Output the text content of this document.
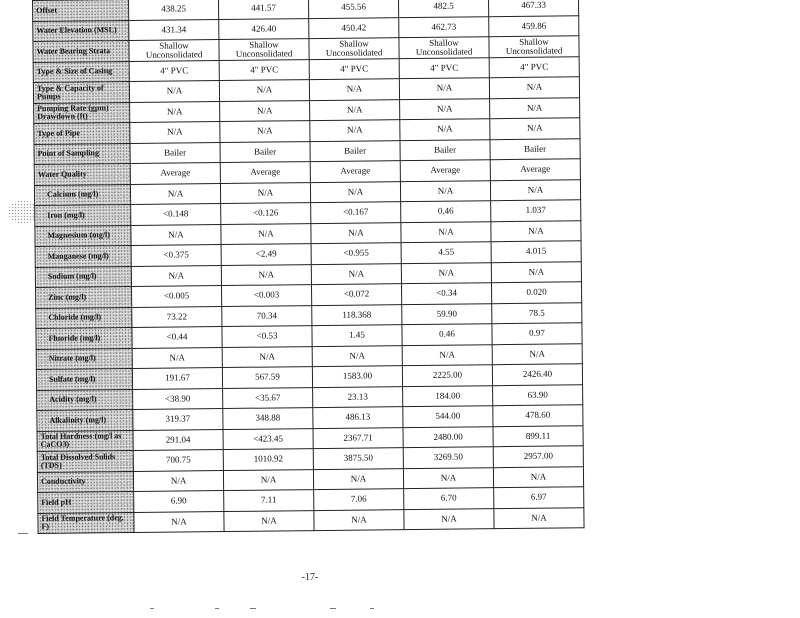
Offset	438.25	441.57	455.56	482.5	467.33
Water Elevation (MSL)	431.34	426.40	450.42	462.73	459.86
Water Bearing Strata	Shallow Unconsolidated	Shallow Unconsolidated	Shallow Unconsolidated	Shallow Unconsolidated	Shallow Unconsolidated
Type & Size of Casing	4" PVC	4" PVC	4" PVC	4" PVC	4" PVC
Type & Capacity of Pumps	N/A	N/A	N/A	N/A	N/A
Pumping Rate (gpm) Drawdown (ft)	N/A	N/A	N/A	N/A	N/A
Type of Pipe	N/A	N/A	N/A	N/A	N/A
Point of Sampling	Bailer	Bailer	Bailer	Bailer	Bailer
Water Quality	Average	Average	Average	Average	Average
Calcium (mg/l)	N/A	N/A	N/A	N/A	N/A
Iron (mg/l)	<0.148	<0.126	<0.167	0.46	1.037
Magnesium (mg/l)	N/A	N/A	N/A	N/A	N/A
Manganese (mg/l)	<0.375	<2.49	<0.955	4.55	4.015
Sodium (mg/l)	N/A	N/A	N/A	N/A	N/A
Zinc (mg/l)	<0.005	<0.003	<0.072	<0.34	0.020
Chloride (mg/l)	73.22	70.34	118.368	59.90	78.5
Fluoride (mg/l)	<0.44	<0.53	1.45	0.46	0.97
Nitrate (mg/l)	N/A	N/A	N/A	N/A	N/A
Sulfate (mg/l)	191.67	567.59	1583.00	2225.00	2426.40
Acidity (mg/l)	<38.90	<35.67	23.13	184.00	63.90
Alkalinity (mg/l)	319.37	348.88	486.13	544.00	478.60
Total Hardness (mg/l as CaCO3)	291.04	<423.45	2367.71	2480.00	899.11
Total Dissolved Solids (TDS)	700.75	1010.92	3875.50	3269.50	2957.00
Conductivity	N/A	N/A	N/A	N/A	N/A
Field pH	6.90	7.11	7.06	6.70	6.97
Field Temperature (deg. F)	N/A	N/A	N/A	N/A	N/A
-17-
